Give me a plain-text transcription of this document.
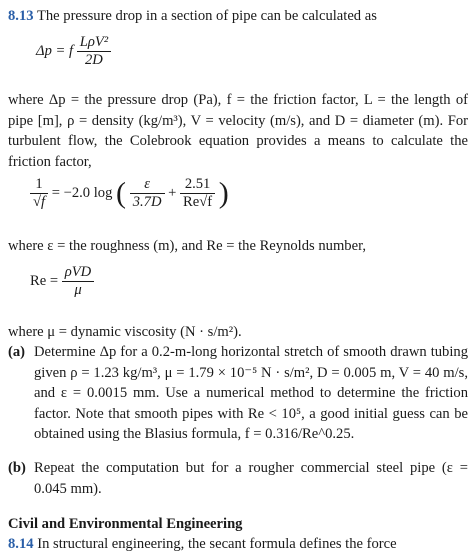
8.13 The pressure drop in a section of pipe can be calculated as
Δp = f $\frac{\text{LρV²}}{2D}$
where Δp = the pressure drop (Pa), f = the friction factor, L = the length of pipe [m], ρ = density (kg/m³), V = velocity (m/s), and D = diameter (m). For turbulent flow, the Colebrook equation provides a means to calculate the friction factor,
$\frac{1}{√f} = -2.0$ log ( $\frac{\varepsilon}{3.7D} + \frac{2.51}{Re√f}$ )
where ε = the roughness (m), and Re = the Reynolds number,
$Re = \frac{\text{ρVD}}{\mu}$
where μ = dynamic viscosity (N · s/m²).
(a) Determine Δp for a 0.2-m-long horizontal stretch of smooth drawn tubing given ρ = 1.23 kg/m³, μ = 1.79 × 10⁻⁵ N · s/m², D = 0.005 m, V = 40 m/s, and ε = 0.0015 mm. Use a numerical method to determine the friction factor. Note that smooth pipes with Re < 10⁵, a good initial guess can be obtained using the Blasius formula, f = 0.316/Re^0.25.
(b) Repeat the computation but for a rougher commercial steel pipe (ε = 0.045 mm).
Civil and Environmental Engineering
8.14 In structural engineering, the secant formula defines the force
